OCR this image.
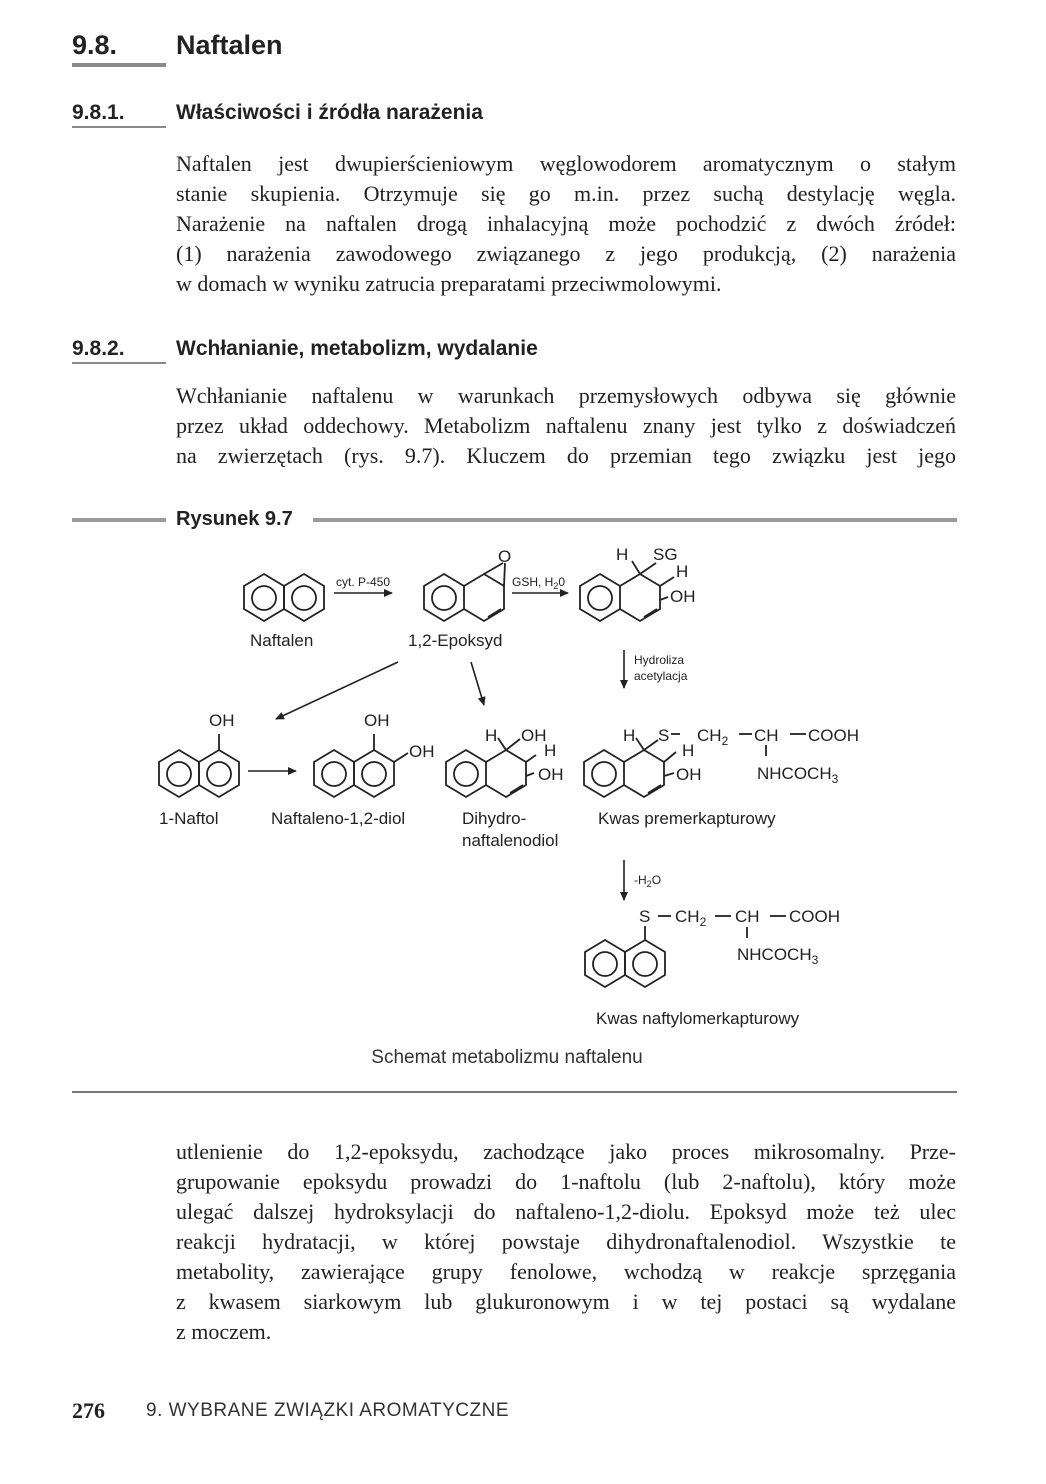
9.8. Naftalen
9.8.1. Właściwości i źródła narażenia
Naftalen jest dwupierścieniowym węglowodorem aromatycznym o stałym
stanie skupienia. Otrzymuje się go m.in. przez suchą destylację węgla.
Narażenie na naftalen drogą inhalacyjną może pochodzić z dwóch źródeł:
(1) narażenia zawodowego związanego z jego produkcją, (2) narażenia
w domach w wyniku zatrucia preparatami przeciwmolowymi.
9.8.2. Wchłanianie, metabolizm, wydalanie
Wchłanianie naftalenu w warunkach przemysłowych odbywa się głównie
przez układ oddechowy. Metabolizm naftalenu znany jest tylko z doświadczeń
na zwierzętach (rys. 9.7). Kluczem do przemian tego związku jest jego
Rysunek 9.7
cyt. P-450	GSH, $H_20$
Hydroliza
acetylacja
$-H_2O$
O	H SG
H
OH
OH	OH
OH
H OH
H
OH
H S
H
OH
$CH_2$ CH COOH
$NHCOCH_3$
S $CH_2$ CH COOH
$NHCOCH_3$
Naftalen	1,2-Epoksyd
1-Naftol	Naftaleno-1,2-diol	Dihydro-
naftalenodiol
Kwas premerkapturowy
Kwas naftylomerkapturowy
Schemat metabolizmu naftalenu
utlenienie do 1,2-epoksydu, zachodzące jako proces mikrosomalny. Prze-
grupowanie epoksydu prowadzi do 1-naftolu (lub 2-naftolu), który może
ulegać dalszej hydroksylacji do naftaleno-1,2-diolu. Epoksyd może też ulec
reakcji hydratacji, w której powstaje dihydronaftalenodiol. Wszystkie te
metabolity, zawierające grupy fenolowe, wchodzą w reakcje sprzęgania
z kwasem siarkowym lub glukuronowym i w tej postaci są wydalane
z moczem.
276 9. WYBRANE ZWIĄZKI AROMATYCZNE
